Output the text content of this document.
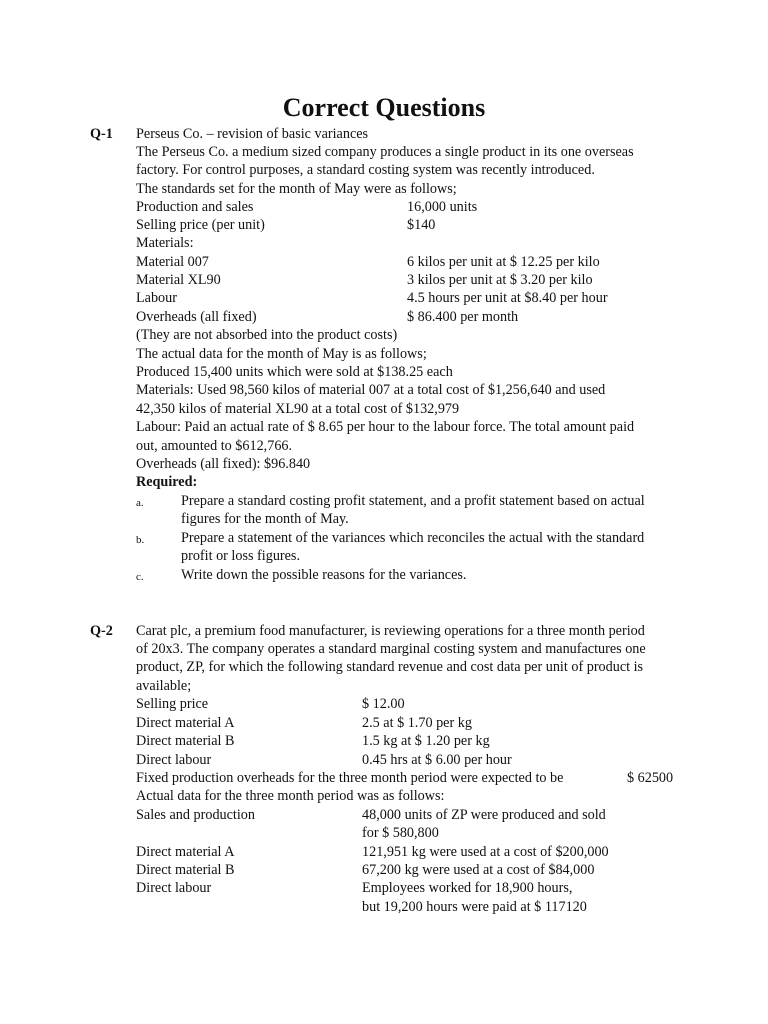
Correct Questions
Q-1 Perseus Co. – revision of basic variances
The Perseus Co. a medium sized company produces a single product in its one overseas
factory. For control purposes, a standard costing system was recently introduced.
The standards set for the month of May were as follows;
Production and sales	16,000 units
Selling price (per unit)	$140
Materials:
Material 007	6 kilos per unit at $ 12.25 per kilo
Material XL90	3 kilos per unit at $ 3.20 per kilo
Labour	4.5 hours per unit at $8.40 per hour
Overheads (all fixed)	$ 86.400 per month
(They are not absorbed into the product costs)
The actual data for the month of May is as follows;
Produced 15,400 units which were sold at $138.25 each
Materials: Used 98,560 kilos of material 007 at a total cost of $1,256,640 and used
42,350 kilos of material XL90 at a total cost of $132,979
Labour: Paid an actual rate of $ 8.65 per hour to the labour force. The total amount paid
out, amounted to $612,766.
Overheads (all fixed): $96.840
Required:
a.	Prepare a standard costing profit statement, and a profit statement based on actual
figures for the month of May.
b.	Prepare a statement of the variances which reconciles the actual with the standard
profit or loss figures.
c.	Write down the possible reasons for the variances.
Q-2 Carat plc, a premium food manufacturer, is reviewing operations for a three month period
of 20x3. The company operates a standard marginal costing system and manufactures one
product, ZP, for which the following standard revenue and cost data per unit of product is
available;
Selling price	$ 12.00
Direct material A	2.5 at $ 1.70 per kg
Direct material B	1.5 kg at $ 1.20 per kg
Direct labour	0.45 hrs at $ 6.00 per hour
Fixed production overheads for the three month period were expected to be	$ 62500
Actual data for the three month period was as follows:
Sales and production	48,000 units of ZP were produced and sold
for $ 580,800
Direct material A	121,951 kg were used at a cost of $200,000
Direct material B	67,200 kg were used at a cost of $84,000
Direct labour	Employees worked for 18,900 hours,
but 19,200 hours were paid at $ 117120
